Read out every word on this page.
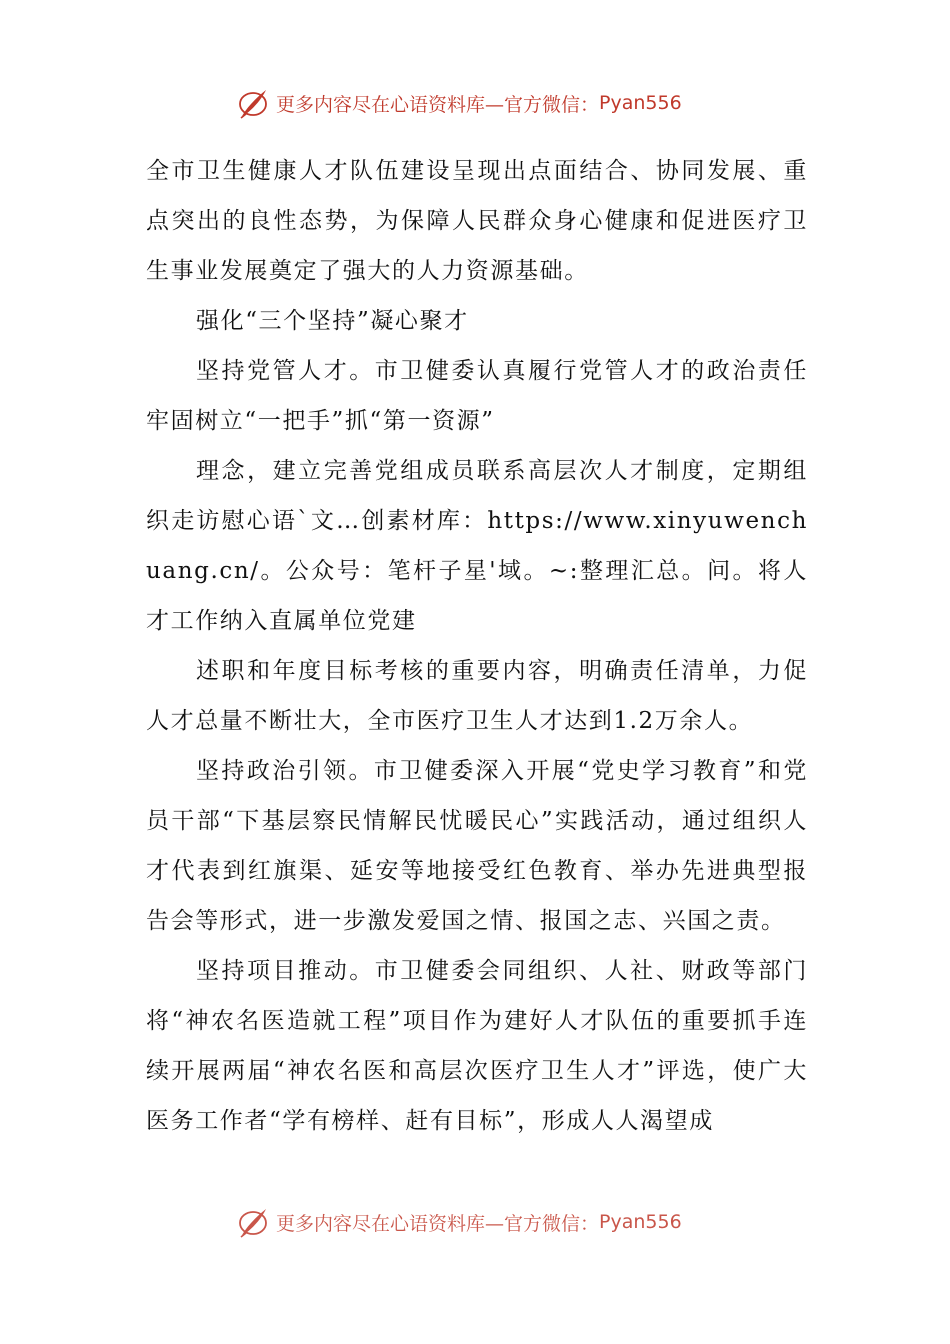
更多内容尽在心语资料库—官方微信： Pyan556

全市卫生健康人才队伍建设呈现出点面结合、协同发展、重点突出的良性态势，为保障人民群众身心健康和促进医疗卫生事业发展奠定了强大的人力资源基础。

强化“三个坚持”凝心聚才

坚持党管人才。市卫健委认真履行党管人才的政治责任牢固树立“一把手”抓“第一资源”

理念，建立完善党组成员联系高层次人才制度，定期组织走访慰心语`文…创素材库：https://www.xinyuwenchuang.cn/。公众号：笔杆子星'域。~:整理汇总。问。将人才工作纳入直属单位党建

述职和年度目标考核的重要内容，明确责任清单，力促人才总量不断壮大，全市医疗卫生人才达到1.2万余人。

坚持政治引领。市卫健委深入开展“党史学习教育”和党员干部“下基层察民情解民忧暖民心”实践活动，通过组织人才代表到红旗渠、延安等地接受红色教育、举办先进典型报告会等形式，进一步激发爱国之情、报国之志、兴国之责。

坚持项目推动。市卫健委会同组织、人社、财政等部门将“神农名医造就工程”项目作为建好人才队伍的重要抓手连续开展两届“神农名医和高层次医疗卫生人才”评选，使广大医务工作者“学有榜样、赶有目标”，形成人人渴望成

更多内容尽在心语资料库—官方微信： Pyan556
